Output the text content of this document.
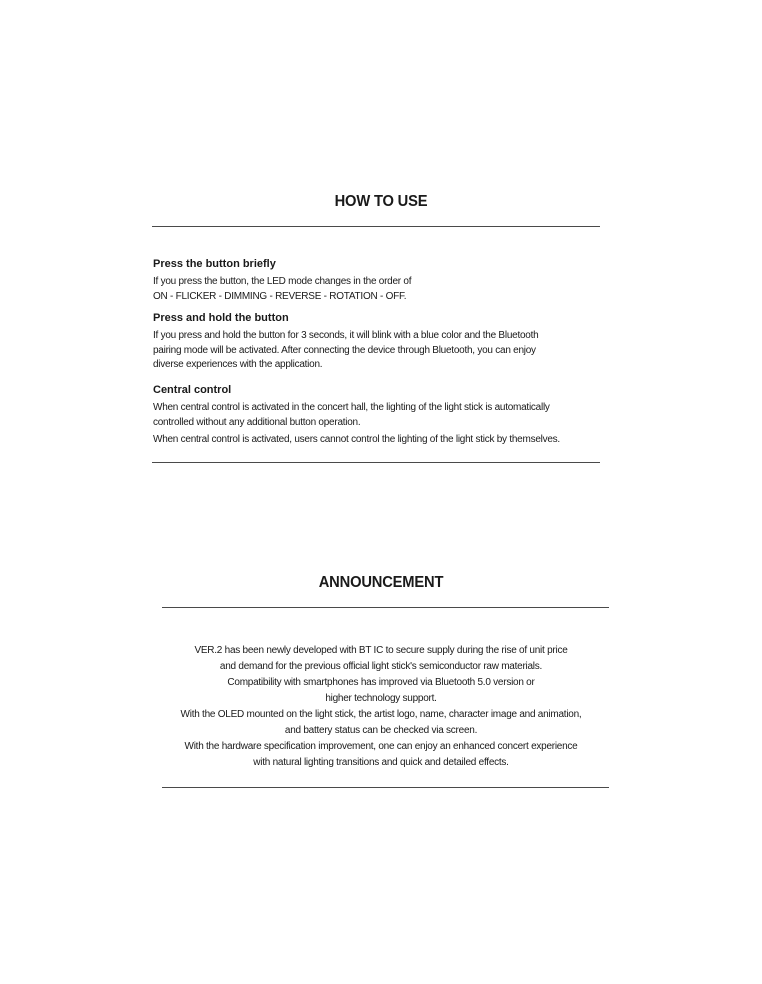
HOW TO USE
Press the button briefly
If you press the button, the LED mode changes in the order of
ON - FLICKER - DIMMING - REVERSE - ROTATION - OFF.
Press and hold the button
If you press and hold the button for 3 seconds, it will blink with a blue color and the Bluetooth
pairing mode will be activated. After connecting the device through Bluetooth, you can enjoy
diverse experiences with the application.
Central control
When central control is activated in the concert hall, the lighting of the light stick is automatically
controlled without any additional button operation.
When central control is activated, users cannot control the lighting of the light stick by themselves.
ANNOUNCEMENT
VER.2 has been newly developed with BT IC to secure supply during the rise of unit price
and demand for the previous official light stick's semiconductor raw materials.
Compatibility with smartphones has improved via Bluetooth 5.0 version or
higher technology support.
With the OLED mounted on the light stick, the artist logo, name, character image and animation,
and battery status can be checked via screen.
With the hardware specification improvement, one can enjoy an enhanced concert experience
with natural lighting transitions and quick and detailed effects.
